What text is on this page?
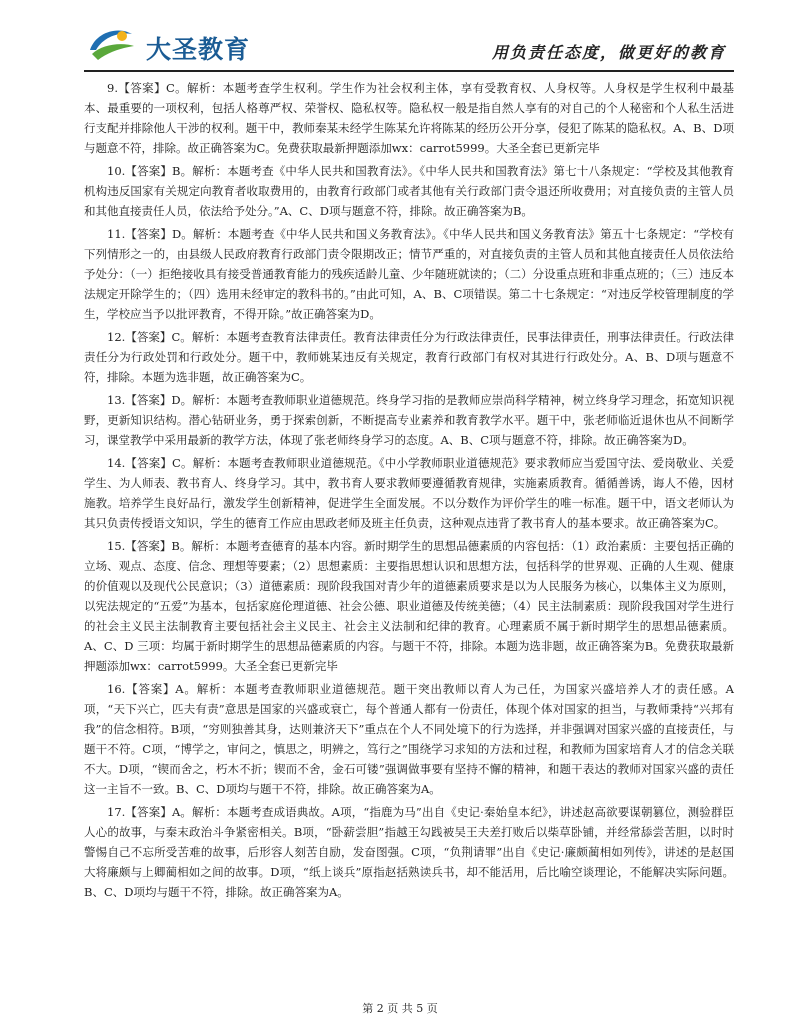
大圣教育	用负责任态度，做更好的教育

9.【答案】C。解析：本题考查学生权利。学生作为社会权利主体，享有受教育权、人身权等。人身权是学生权利中最基本、最重要的一项权利，包括人格尊严权、荣誉权、隐私权等。隐私权一般是指自然人享有的对自己的个人秘密和个人私生活进行支配并排除他人干涉的权利。题干中，教师秦某未经学生陈某允许将陈某的经历公开分享，侵犯了陈某的隐私权。A、B、D项与题意不符，排除。故正确答案为C。免费获取最新押题添加wx：carrot5999。大圣全套已更新完毕

10.【答案】B。解析：本题考查《中华人民共和国教育法》。《中华人民共和国教育法》第七十八条规定：“学校及其他教育机构违反国家有关规定向教育者收取费用的，由教育行政部门或者其他有关行政部门责令退还所收费用；对直接负责的主管人员和其他直接责任人员，依法给予处分。”A、C、D项与题意不符，排除。故正确答案为B。

11.【答案】D。解析：本题考查《中华人民共和国义务教育法》。《中华人民共和国义务教育法》第五十七条规定：“学校有下列情形之一的，由县级人民政府教育行政部门责令限期改正；情节严重的，对直接负责的主管人员和其他直接责任人员依法给予处分：（一）拒绝接收具有接受普通教育能力的残疾适龄儿童、少年随班就读的；（二）分设重点班和非重点班的；（三）违反本法规定开除学生的；（四）选用未经审定的教科书的。”由此可知，A、B、C项错误。第二十七条规定：“对违反学校管理制度的学生，学校应当予以批评教育，不得开除。”故正确答案为D。

12.【答案】C。解析：本题考查教育法律责任。教育法律责任分为行政法律责任，民事法律责任，刑事法律责任。行政法律责任分为行政处罚和行政处分。题干中，教师姚某违反有关规定，教育行政部门有权对其进行行政处分。A、B、D项与题意不符，排除。本题为选非题，故正确答案为C。

13.【答案】D。解析：本题考查教师职业道德规范。终身学习指的是教师应崇尚科学精神，树立终身学习理念，拓宽知识视野，更新知识结构。潜心钻研业务，勇于探索创新，不断提高专业素养和教育教学水平。题干中，张老师临近退休也从不间断学习，课堂教学中采用最新的教学方法，体现了张老师终身学习的态度。A、B、C项与题意不符，排除。故正确答案为D。

14.【答案】C。解析：本题考查教师职业道德规范。《中小学教师职业道德规范》要求教师应当爱国守法、爱岗敬业、关爱学生、为人师表、教书育人、终身学习。其中，教书育人要求教师要遵循教育规律，实施素质教育。循循善诱，诲人不倦，因材施教。培养学生良好品行，激发学生创新精神，促进学生全面发展。不以分数作为评价学生的唯一标准。题干中，语文老师认为其只负责传授语文知识，学生的德育工作应由思政老师及班主任负责，这种观点违背了教书育人的基本要求。故正确答案为C。

15.【答案】B。解析：本题考查德育的基本内容。新时期学生的思想品德素质的内容包括：（1）政治素质：主要包括正确的立场、观点、态度、信念、理想等要素；（2）思想素质：主要指思想认识和思想方法，包括科学的世界观、正确的人生观、健康的价值观以及现代公民意识；（3）道德素质：现阶段我国对青少年的道德素质要求是以为人民服务为核心，以集体主义为原则，以宪法规定的“五爱”为基本，包括家庭伦理道德、社会公德、职业道德及传统美德；（4）民主法制素质：现阶段我国对学生进行的社会主义民主法制教育主要包括社会主义民主、社会主义法制和纪律的教育。心理素质不属于新时期学生的思想品德素质。A、C、D 三项：均属于新时期学生的思想品德素质的内容。与题干不符，排除。本题为选非题，故正确答案为B。免费获取最新押题添加wx：carrot5999。大圣全套已更新完毕

16.【答案】A。解析：本题考查教师职业道德规范。题干突出教师以育人为己任，为国家兴盛培养人才的责任感。A项，“天下兴亡，匹夫有责”意思是国家的兴盛或衰亡，每个普通人都有一份责任，体现个体对国家的担当，与教师秉持“兴邦有我”的信念相符。B项，“穷则独善其身，达则兼济天下”重点在个人不同处境下的行为选择，并非强调对国家兴盛的直接责任，与题干不符。C项，“博学之，审问之，慎思之，明辨之，笃行之”围绕学习求知的方法和过程，和教师为国家培育人才的信念关联不大。D项，“锲而舍之，朽木不折；锲而不舍，金石可镂”强调做事要有坚持不懈的精神，和题干表达的教师对国家兴盛的责任这一主旨不一致。B、C、D项均与题干不符，排除。故正确答案为A。

17.【答案】A。解析：本题考查成语典故。A项，“指鹿为马”出自《史记·秦始皇本纪》，讲述赵高欲要谋朝篡位，测验群臣人心的故事，与秦末政治斗争紧密相关。B项，“卧薪尝胆”指越王勾践被吴王夫差打败后以柴草卧铺，并经常舔尝苦胆，以时时警惕自己不忘所受苦难的故事，后形容人刻苦自励，发奋图强。C项，“负荆请罪”出自《史记·廉颇蔺相如列传》，讲述的是赵国大将廉颇与上卿蔺相如之间的故事。D项，“纸上谈兵”原指赵括熟读兵书，却不能活用，后比喻空谈理论，不能解决实际问题。B、C、D项均与题干不符，排除。故正确答案为A。

第 2 页 共 5 页
